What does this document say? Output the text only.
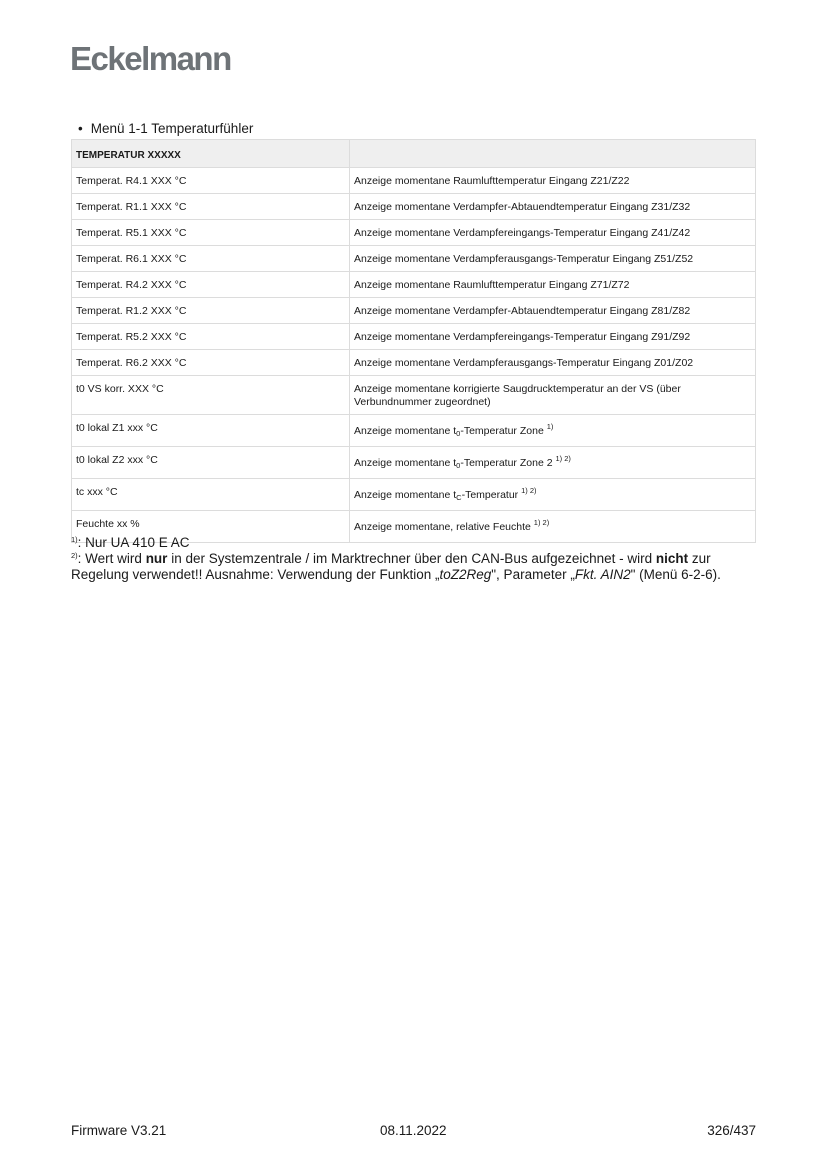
Eckelmann
• Menü 1-1 Temperaturfühler
TEMPERATUR XXXXX	
Temperat. R4.1 XXX °C	Anzeige momentane Raumlufttemperatur Eingang Z21/Z22
Temperat. R1.1 XXX °C	Anzeige momentane Verdampfer-Abtauendtemperatur Eingang Z31/Z32
Temperat. R5.1 XXX °C	Anzeige momentane Verdampfereingangs-Temperatur Eingang Z41/Z42
Temperat. R6.1 XXX °C	Anzeige momentane Verdampferausgangs-Temperatur Eingang Z51/Z52
Temperat. R4.2 XXX °C	Anzeige momentane Raumlufttemperatur Eingang Z71/Z72
Temperat. R1.2 XXX °C	Anzeige momentane Verdampfer-Abtauendtemperatur Eingang Z81/Z82
Temperat. R5.2 XXX °C	Anzeige momentane Verdampfereingangs-Temperatur Eingang Z91/Z92
Temperat. R6.2 XXX °C	Anzeige momentane Verdampferausgangs-Temperatur Eingang Z01/Z02
t0 VS korr. XXX °C	Anzeige momentane korrigierte Saugdrucktemperatur an der VS (über Verbundnummer zugeordnet)
t0 lokal Z1 xxx °C	Anzeige momentane $t_0$-Temperatur Zone $^{1)}$
t0 lokal Z2 xxx °C	Anzeige momentane $t_0$-Temperatur Zone 2 $^{1) 2)}$
tc xxx °C	Anzeige momentane $t_C$-Temperatur $^{1) 2)}$
Feuchte xx %	Anzeige momentane, relative Feuchte $^{1) 2)}$

$^{1)}$: Nur UA 410 E AC

$^{2)}$: Wert wird nur in der Systemzentrale / im Marktrechner über den CAN-Bus aufgezeichnet - wird nicht zur Regelung verwendet!! Ausnahme: Verwendung der Funktion „toZ2Reg", Parameter „Fkt. AIN2" (Menü 6-2-6).

Firmware V3.21	08.11.2022	326/437
